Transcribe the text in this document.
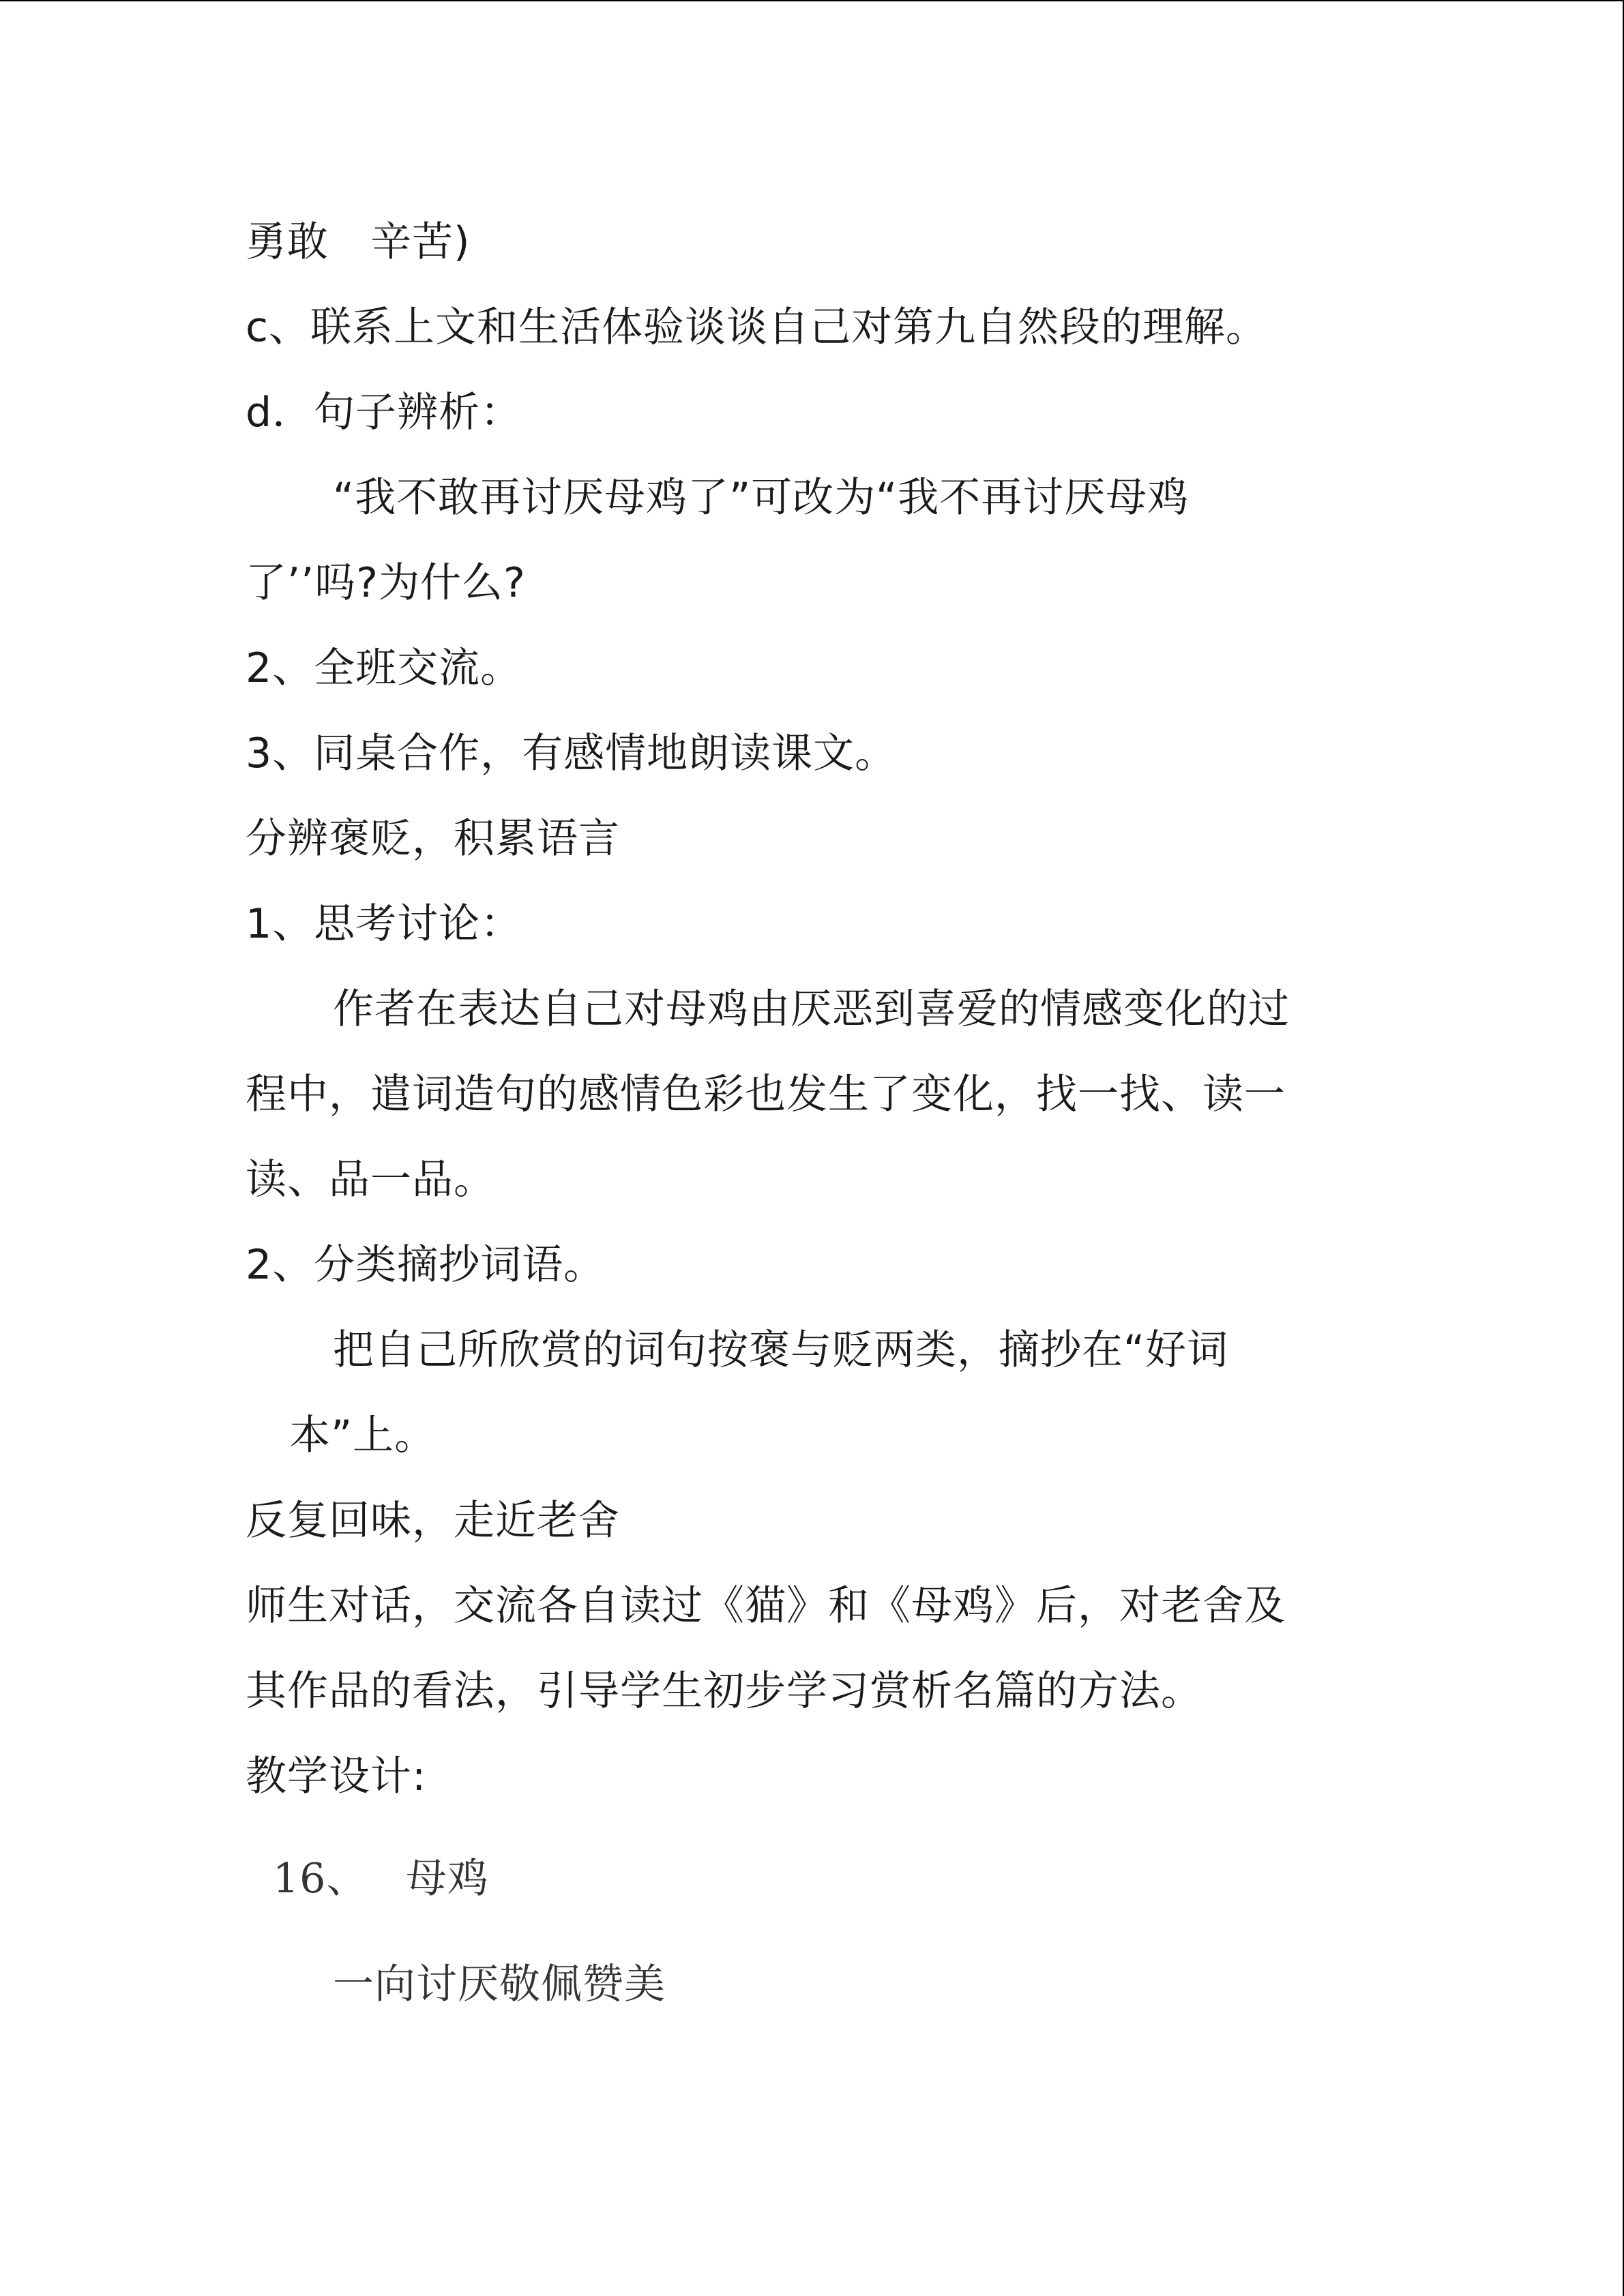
勇敢　辛苦)
c、联系上文和生活体验谈谈自己对第九自然段的理解。
d．句子辨析：
“我不敢再讨厌母鸡了”可改为“我不再讨厌母鸡
了’’吗?为什么?
2、全班交流。
3、同桌合作，有感情地朗读课文。
分辨褒贬，积累语言
1、思考讨论：
作者在表达自己对母鸡由厌恶到喜爱的情感变化的过
程中，遣词造句的感情色彩也发生了变化，找一找、读一
读、品一品。
2、分类摘抄词语。
把自己所欣赏的词句按褒与贬两类，摘抄在“好词
本”上。
反复回味，走近老舍
师生对话，交流各自读过《猫》和《母鸡》后，对老舍及
其作品的看法，引导学生初步学习赏析名篇的方法。
教学设计:
16、 母鸡
一向讨厌敬佩赞美
